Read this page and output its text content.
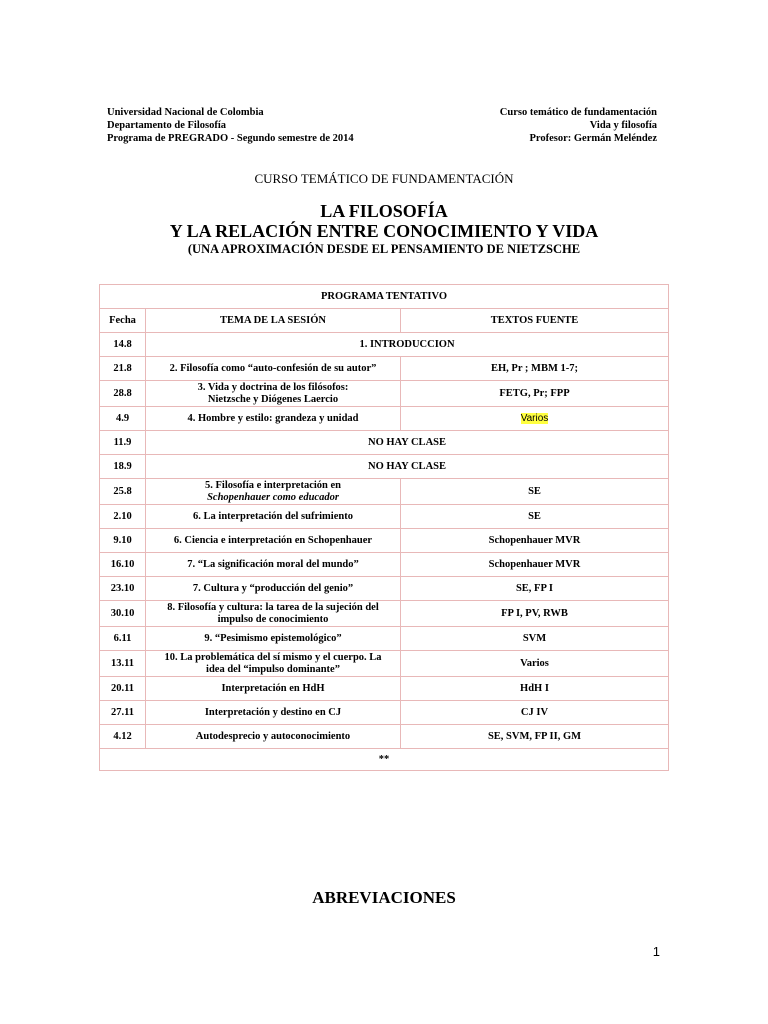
Universidad Nacional de Colombia
Departamento de Filosofía
Programa de PREGRADO - Segundo semestre de 2014
Curso temático de fundamentación
Vida y filosofía
Profesor: Germán Meléndez
CURSO TEMÁTICO DE FUNDAMENTACIÓN
LA FILOSOFÍA
Y LA RELACIÓN ENTRE CONOCIMIENTO Y VIDA
(UNA APROXIMACIÓN DESDE EL PENSAMIENTO DE NIETZSCHE
PROGRAMA TENTATIVO		
Fecha	TEMA DE LA SESIÓN	TEXTOS FUENTE
14.8	1. INTRODUCCION	
21.8	2. Filosofía como “auto-confesión de su autor”	EH, Pr ; MBM 1-7;
28.8	3. Vida y doctrina de los filósofos:
Nietzsche y Diógenes Laercio	FETG, Pr; FPP
4.9	4. Hombre y estilo: grandeza y unidad	Varios
11.9	NO HAY CLASE	
18.9	NO HAY CLASE	
25.8	5. Filosofía e interpretación en
Schopenhauer como educador	SE
2.10	6. La interpretación del sufrimiento	SE
9.10	6. Ciencia e interpretación en Schopenhauer	Schopenhauer MVR
16.10	7. “La significación moral del mundo”	Schopenhauer MVR
23.10	7. Cultura y “producción del genio”	SE, FP I
30.10	8. Filosofía y cultura: la tarea de la sujeción del
impulso de conocimiento	FP I, PV, RWB
6.11	9. “Pesimismo epistemológico”	SVM
13.11	10. La problemática del sí mismo y el cuerpo. La
idea del “impulso dominante”	Varios
20.11	Interpretación en HdH	HdH I
27.11	Interpretación y destino en CJ	CJ IV
4.12	Autodesprecio y autoconocimiento	SE, SVM, FP II, GM
**		
ABREVIACIONES
1
